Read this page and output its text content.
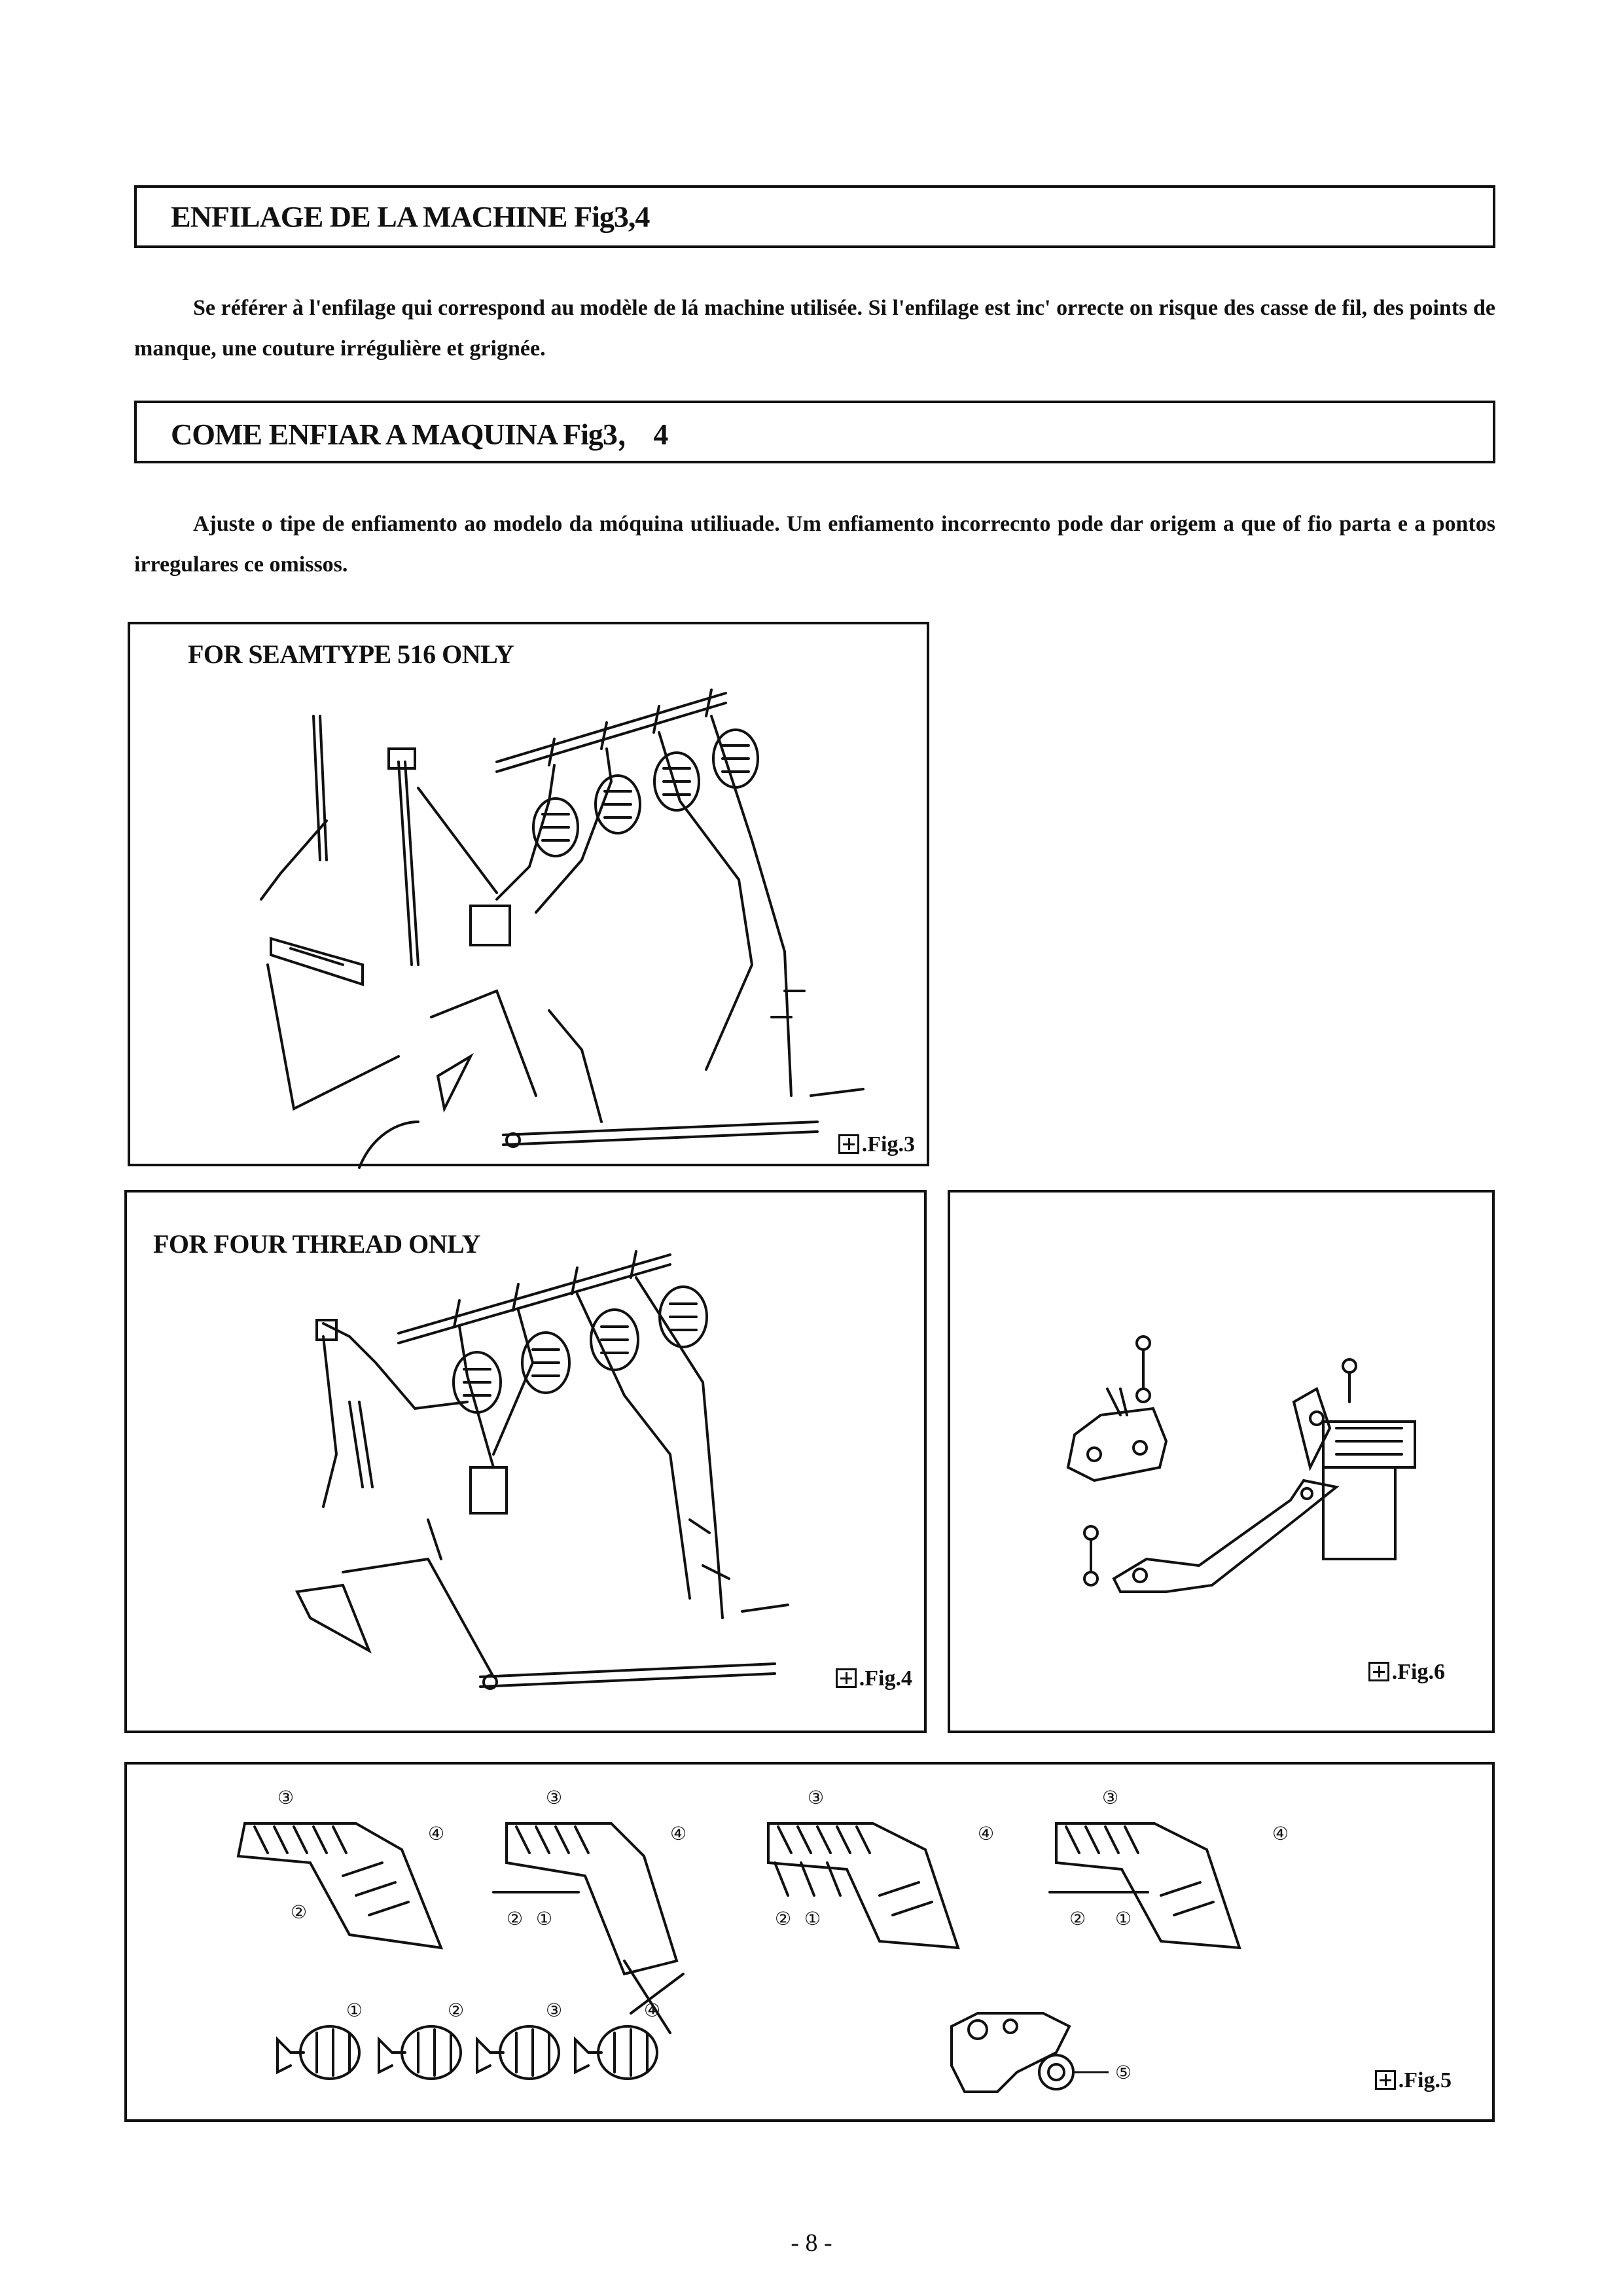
ENFILAGE DE LA MACHINE Fig3,4

Se référer à l'enfilage qui correspond au modèle de lá machine utilisée. Si l'enfilage est inc' orrecte on risque des casse de fil, des points de manque, une couture irrégulière et grignée.

COME ENFIAR A MAQUINA Fig3， 4

Ajuste o tipe de enfiamento ao modelo da móquina utiliuade. Um enfiamento incorrecnto pode dar origem a que of fio parta e a pontos irregulares ce omissos.

FOR SEAMTYPE 516 ONLY
.Fig.3
FOR FOUR THREAD ONLY
.Fig.4	.Fig.6
③
④
②
③
④
② ①
③
④
② ①
③
④
② ①
①	②	③	④
⑤	.Fig.5
- 8 -
